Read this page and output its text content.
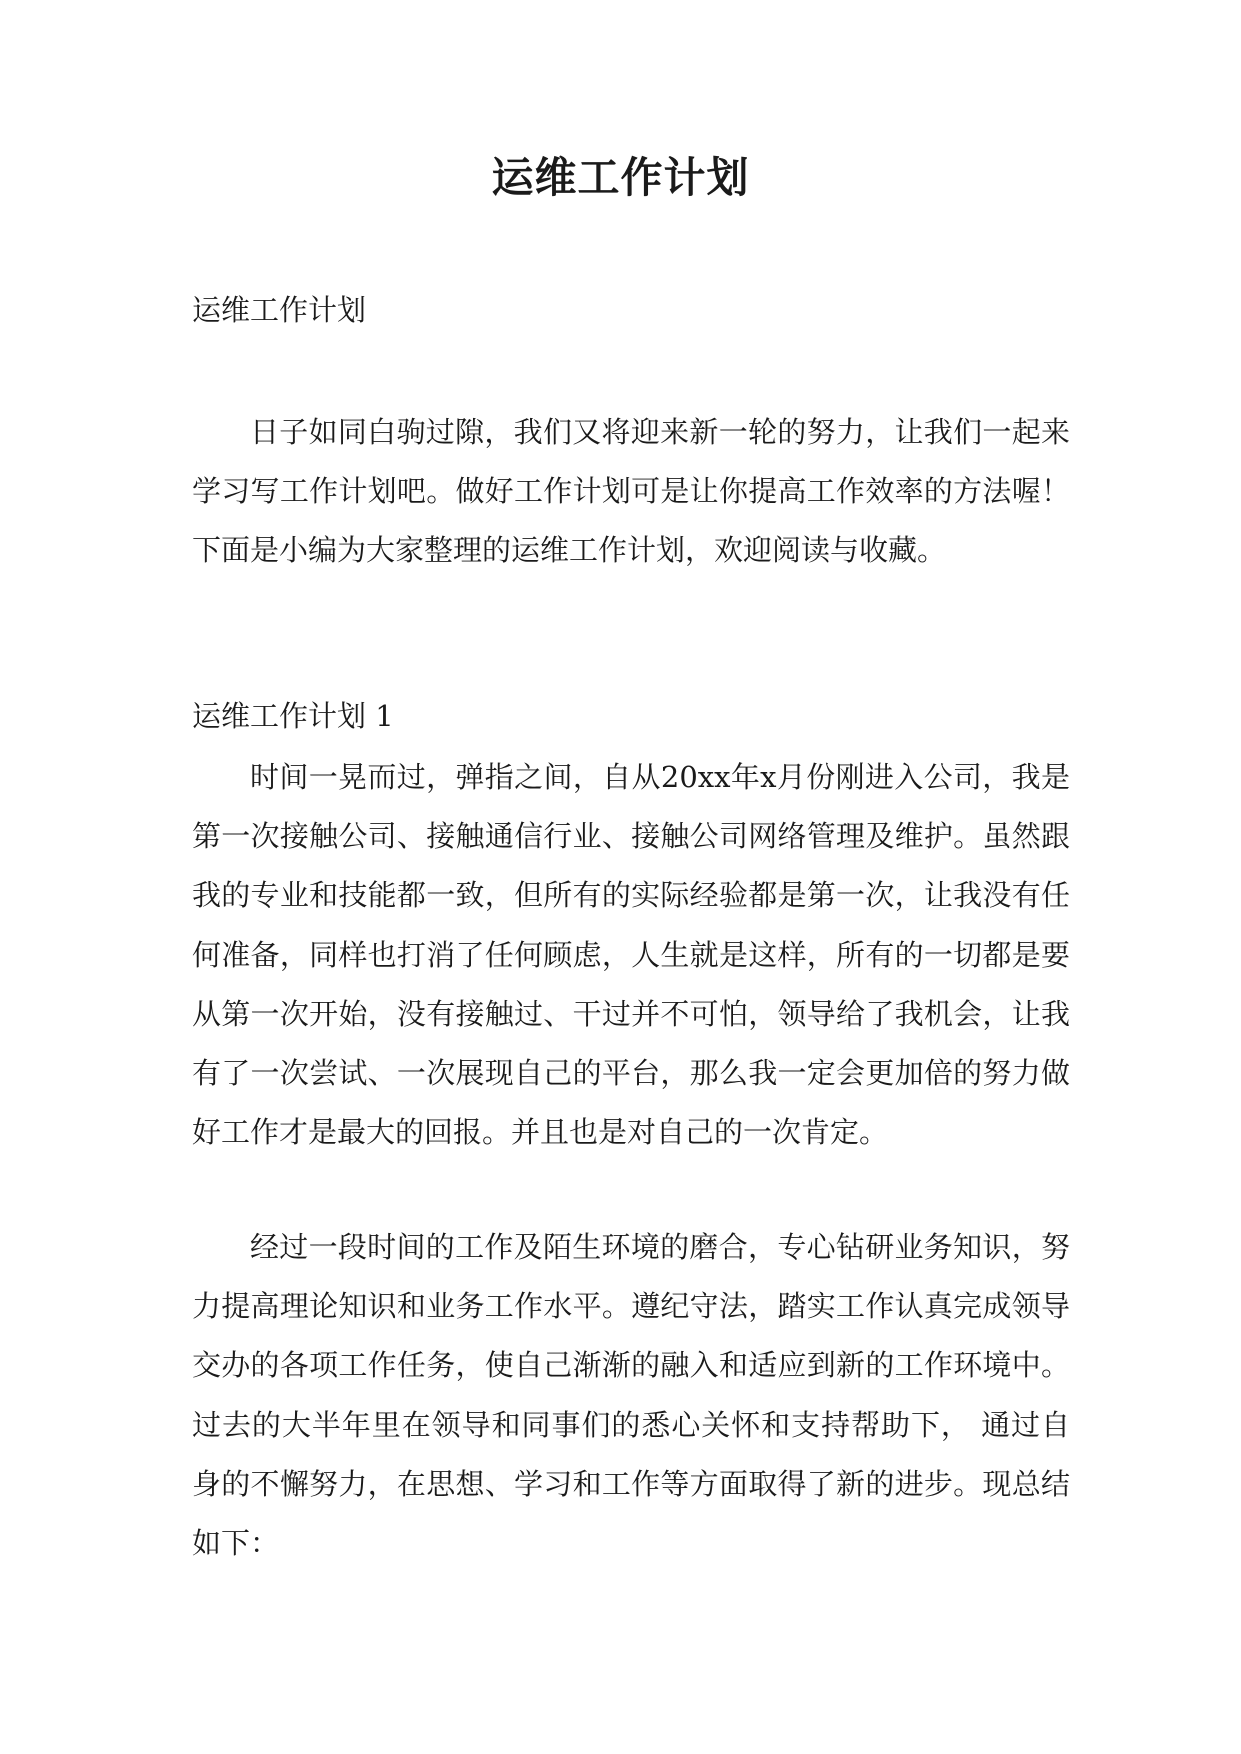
运维工作计划

运维工作计划

日子如同白驹过隙，我们又将迎来新一轮的努力，让我们一起来学习写工作计划吧。做好工作计划可是让你提高工作效率的方法喔！下面是小编为大家整理的运维工作计划，欢迎阅读与收藏。

运维工作计划 1

时间一晃而过，弹指之间，自从20xx年x月份刚进入公司，我是第一次接触公司、接触通信行业、接触公司网络管理及维护。虽然跟我的专业和技能都一致，但所有的实际经验都是第一次，让我没有任何准备，同样也打消了任何顾虑，人生就是这样，所有的一切都是要从第一次开始，没有接触过、干过并不可怕，领导给了我机会，让我有了一次尝试、一次展现自己的平台，那么我一定会更加倍的努力做好工作才是最大的回报。并且也是对自己的一次肯定。

经过一段时间的工作及陌生环境的磨合，专心钻研业务知识，努力提高理论知识和业务工作水平。遵纪守法，踏实工作认真完成领导交办的各项工作任务，使自己渐渐的融入和适应到新的工作环境中。过去的大半年里在领导和同事们的悉心关怀和支持帮助下， 通过自身的不懈努力，在思想、学习和工作等方面取得了新的进步。现总结如下：
